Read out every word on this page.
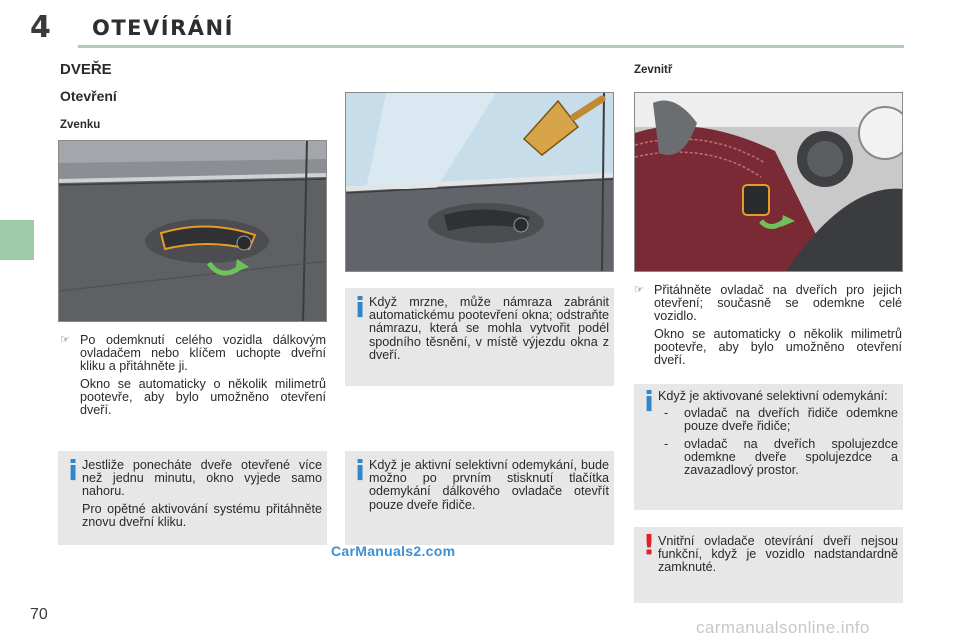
4 OTEVÍRÁNÍ
DVEŘE
Otevření
Zvenku
Zevnitř

☞ Po odemknutí celého vozidla dálkovým ovladačem nebo klíčem uchopte dveřní kliku a přitáhněte ji.

Okno se automaticky o několik milimetrů pootevře, aby bylo umožněno otevření dveří.

i Když mrzne, může námraza zabránit automatickému pootevření okna; odstraňte námrazu, která se mohla vytvořit podél spodního těsnění, v místě výjezdu okna z dveří.

☞ Přitáhněte ovladač na dveřích pro jejich otevření; současně se odemkne celé vozidlo.

Okno se automaticky o několik milimetrů pootevře, aby bylo umožněno otevření dveří.

i Když je aktivované selektivní odemykání:

- ovladač na dveřích řidiče odemkne pouze dveře řidiče;
- ovladač na dveřích spolujezdce odemkne dveře spolujezdce a zavazadlový prostor.
i Jestliže ponecháte dveře otevřené více než jednu minutu, okno vyjede samo nahoru.

Pro opětné aktivování systému přitáhněte znovu dveřní kliku.

i Když je aktivní selektivní odemykání, bude možno po prvním stisknutí tlačítka odemykání dálkového ovladače otevřít pouze dveře řidiče.
! Vnitřní ovladače otevírání dveří nejsou funkční, když je vozidlo nadstandardně zamknuté.
CarManuals2.com
70
carmanualsonline.info
